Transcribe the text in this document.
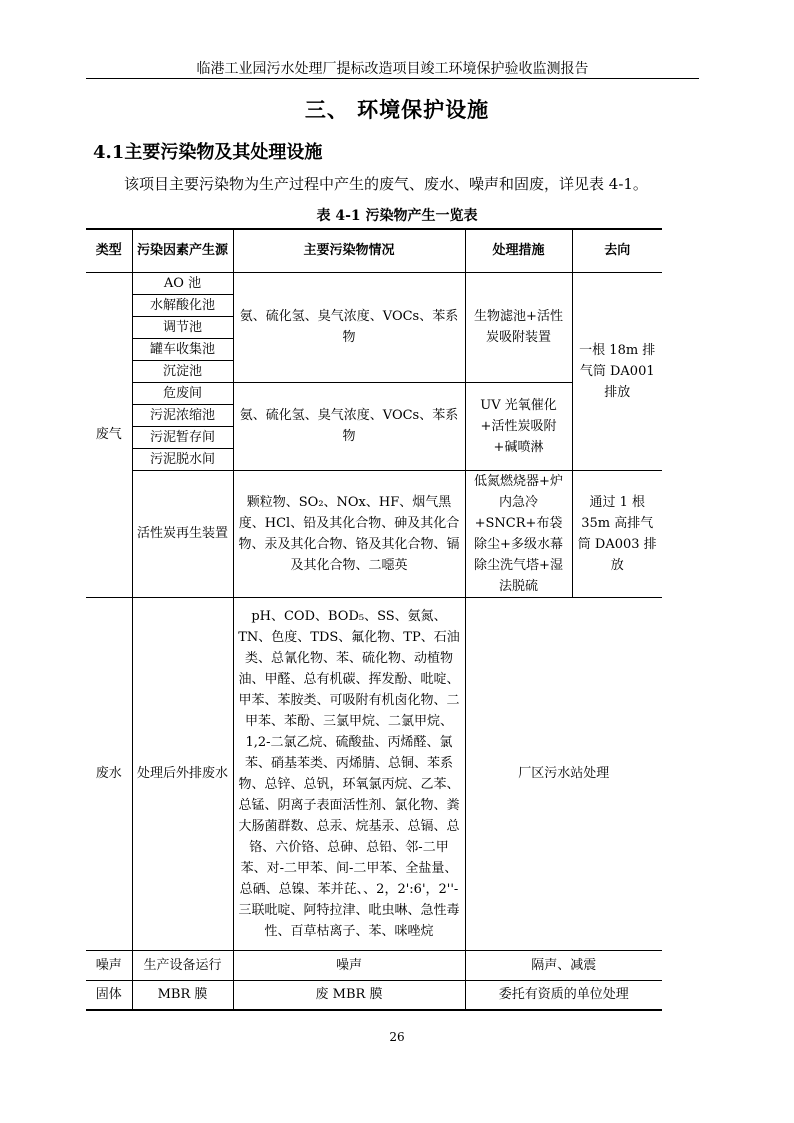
临港工业园污水处理厂提标改造项目竣工环境保护验收监测报告
三、 环境保护设施
4.1主要污染物及其处理设施
该项目主要污染物为生产过程中产生的废气、废水、噪声和固废，详见表 4-1。
表 4-1 污染物产生一览表
类型	污染因素产生源	主要污染物情况	处理措施	去向
废气	AO 池	氨、硫化氢、臭气浓度、VOCs、苯系物	生物滤池+活性炭吸附装置	一根 18m 排气筒 DA001 排放
	水解酸化池			
	调节池			
	罐车收集池			
	沉淀池			
	危废间	氨、硫化氢、臭气浓度、VOCs、苯系物	UV 光氧催化+活性炭吸附+碱喷淋	
	污泥浓缩池			
	污泥暂存间			
	污泥脱水间			
	活性炭再生装置	颗粒物、SO₂、NOx、HF、烟气黑度、HCl、铅及其化合物、砷及其化合物、汞及其化合物、铬及其化合物、镉及其化合物、二噁英	低氮燃烧器+炉内急冷+SNCR+布袋除尘+多级水幕除尘洗气塔+湿法脱硫	通过 1 根 35m 高排气筒 DA003 排放
废水	处理后外排废水	pH、COD、BOD₅、SS、氨氮、TN、色度、TDS、氟化物、TP、石油类、总氰化物、苯、硫化物、动植物油、甲醛、总有机碳、挥发酚、吡啶、甲苯、苯胺类、可吸附有机卤化物、二甲苯、苯酚、三氯甲烷、二氯甲烷、1,2-二氯乙烷、硫酸盐、丙烯醛、氯苯、硝基苯类、丙烯腈、总铜、苯系物、总锌、总钒，环氧氯丙烷、乙苯、总锰、阴离子表面活性剂、氯化物、粪大肠菌群数、总汞、烷基汞、总镉、总铬、六价铬、总砷、总铅、邻-二甲苯、对-二甲苯、间-二甲苯、全盐量、总硒、总镍、苯并芘、、2，2':6'，2''-三联吡啶、阿特拉津、吡虫啉、急性毒性、百草枯离子、苯、咪唑烷	厂区污水站处理	
噪声	生产设备运行	噪声	隔声、减震	
固体	MBR 膜	废 MBR 膜	委托有资质的单位处理	
26
